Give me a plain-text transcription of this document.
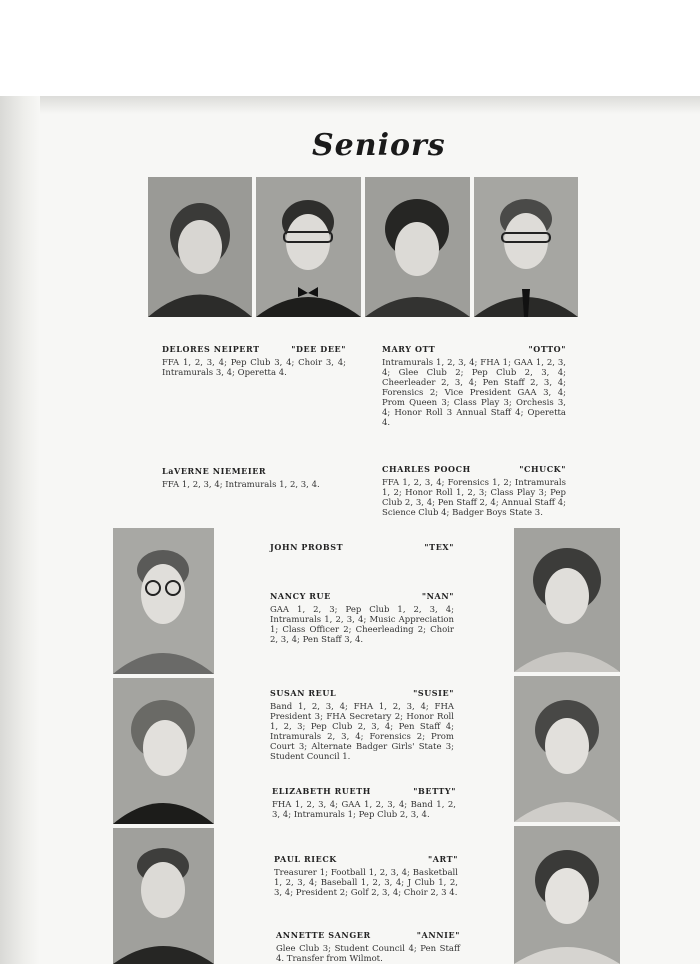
Seniors
DELORES NEIPERT	"DEE DEE"
FFA 1, 2, 3, 4; Pep Club 3, 4; Choir 3, 4; Intramurals 3, 4; Operetta 4.
MARY OTT	"OTTO"
Intramurals 1, 2, 3, 4; FHA 1; GAA 1, 2, 3, 4; Glee Club 2; Pep Club 2, 3, 4; Cheerleader 2, 3, 4; Pen Staff 2, 3, 4; Forensics 2; Vice President GAA 3, 4; Prom Queen 3; Class Play 3; Orchesis 3, 4; Honor Roll 3 Annual Staff 4; Operetta 4.
LaVERNE NIEMEIER
FFA 1, 2, 3, 4; Intramurals 1, 2, 3, 4.
CHARLES POOCH	"CHUCK"
FFA 1, 2, 3, 4; Forensics 1, 2; Intramurals 1, 2; Honor Roll 1, 2, 3; Class Play 3; Pep Club 2, 3, 4; Pen Staff 2, 4; Annual Staff 4; Science Club 4; Badger Boys State 3.
JOHN PROBST	"TEX"
NANCY RUE	"NAN"
GAA 1, 2, 3; Pep Club 1, 2, 3, 4; Intramurals 1, 2, 3, 4; Music Appreciation 1; Class Officer 2; Cheerleading 2; Choir 2, 3, 4; Pen Staff 3, 4.
SUSAN REUL	"SUSIE"
Band 1, 2, 3, 4; FHA 1, 2, 3, 4; FHA President 3; FHA Secretary 2; Honor Roll 1, 2, 3; Pep Club 2, 3, 4; Pen Staff 4; Intramurals 2, 3, 4; Forensics 2; Prom Court 3; Alternate Badger Girls' State 3; Student Council 1.
ELIZABETH RUETH	"BETTY"
FHA 1, 2, 3, 4; GAA 1, 2, 3, 4; Band 1, 2, 3, 4; Intramurals 1; Pep Club 2, 3, 4.
PAUL RIECK	"ART"
Treasurer 1; Football 1, 2, 3, 4; Basketball 1, 2, 3, 4; Baseball 1, 2, 3, 4; J Club 1, 2, 3, 4; President 2; Golf 2, 3, 4; Choir 2, 3 4.
ANNETTE SANGER	"ANNIE"
Glee Club 3; Student Council 4; Pen Staff 4. Transfer from Wilmot.
